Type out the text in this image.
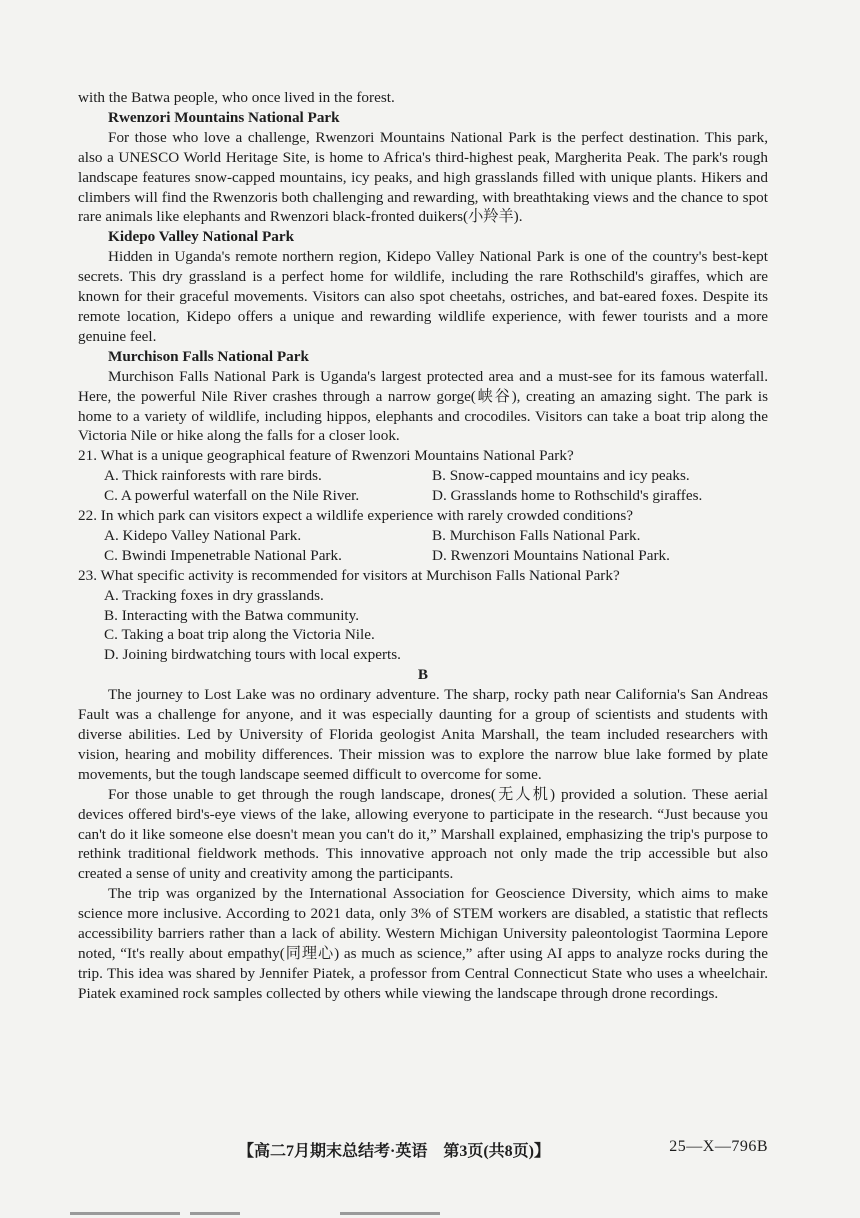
with the Batwa people, who once lived in the forest.

Rwenzori Mountains National Park

For those who love a challenge, Rwenzori Mountains National Park is the perfect destination. This park, also a UNESCO World Heritage Site, is home to Africa's third-highest peak, Margherita Peak. The park's rough landscape features snow-capped mountains, icy peaks, and high grasslands filled with unique plants. Hikers and climbers will find the Rwenzoris both challenging and rewarding, with breathtaking views and the chance to spot rare animals like elephants and Rwenzori black-fronted duikers(小羚羊).

Kidepo Valley National Park

Hidden in Uganda's remote northern region, Kidepo Valley National Park is one of the country's best-kept secrets. This dry grassland is a perfect home for wildlife, including the rare Rothschild's giraffes, which are known for their graceful movements. Visitors can also spot cheetahs, ostriches, and bat-eared foxes. Despite its remote location, Kidepo offers a unique and rewarding wildlife experience, with fewer tourists and a more genuine feel.

Murchison Falls National Park

Murchison Falls National Park is Uganda's largest protected area and a must-see for its famous waterfall. Here, the powerful Nile River crashes through a narrow gorge(峡谷), creating an amazing sight. The park is home to a variety of wildlife, including hippos, elephants and crocodiles. Visitors can take a boat trip along the Victoria Nile or hike along the falls for a closer look.

21. What is a unique geographical feature of Rwenzori Mountains National Park?

A. Thick rainforests with rare birds.	B. Snow-capped mountains and icy peaks.
C. A powerful waterfall on the Nile River.	D. Grasslands home to Rothschild's giraffes.

22. In which park can visitors expect a wildlife experience with rarely crowded conditions?

A. Kidepo Valley National Park.	B. Murchison Falls National Park.
C. Bwindi Impenetrable National Park.	D. Rwenzori Mountains National Park.

23. What specific activity is recommended for visitors at Murchison Falls National Park?

A. Tracking foxes in dry grasslands.

B. Interacting with the Batwa community.

C. Taking a boat trip along the Victoria Nile.

D. Joining birdwatching tours with local experts.

B

The journey to Lost Lake was no ordinary adventure. The sharp, rocky path near California's San Andreas Fault was a challenge for anyone, and it was especially daunting for a group of scientists and students with diverse abilities. Led by University of Florida geologist Anita Marshall, the team included researchers with vision, hearing and mobility differences. Their mission was to explore the narrow blue lake formed by plate movements, but the tough landscape seemed difficult to overcome for some.

For those unable to get through the rough landscape, drones(无人机) provided a solution. These aerial devices offered bird's-eye views of the lake, allowing everyone to participate in the research. “Just because you can't do it like someone else doesn't mean you can't do it,” Marshall explained, emphasizing the trip's purpose to rethink traditional fieldwork methods. This innovative approach not only made the trip accessible but also created a sense of unity and creativity among the participants.

The trip was organized by the International Association for Geoscience Diversity, which aims to make science more inclusive. According to 2021 data, only 3% of STEM workers are disabled, a statistic that reflects accessibility barriers rather than a lack of ability. Western Michigan University paleontologist Taormina Lepore noted, “It's really about empathy(同理心) as much as science,” after using AI apps to analyze rocks during the trip. This idea was shared by Jennifer Piatek, a professor from Central Connecticut State who uses a wheelchair. Piatek examined rock samples collected by others while viewing the landscape through drone recordings.

【高二7月期末总结考·英语　第3页(共8页)】	25—X—796B
